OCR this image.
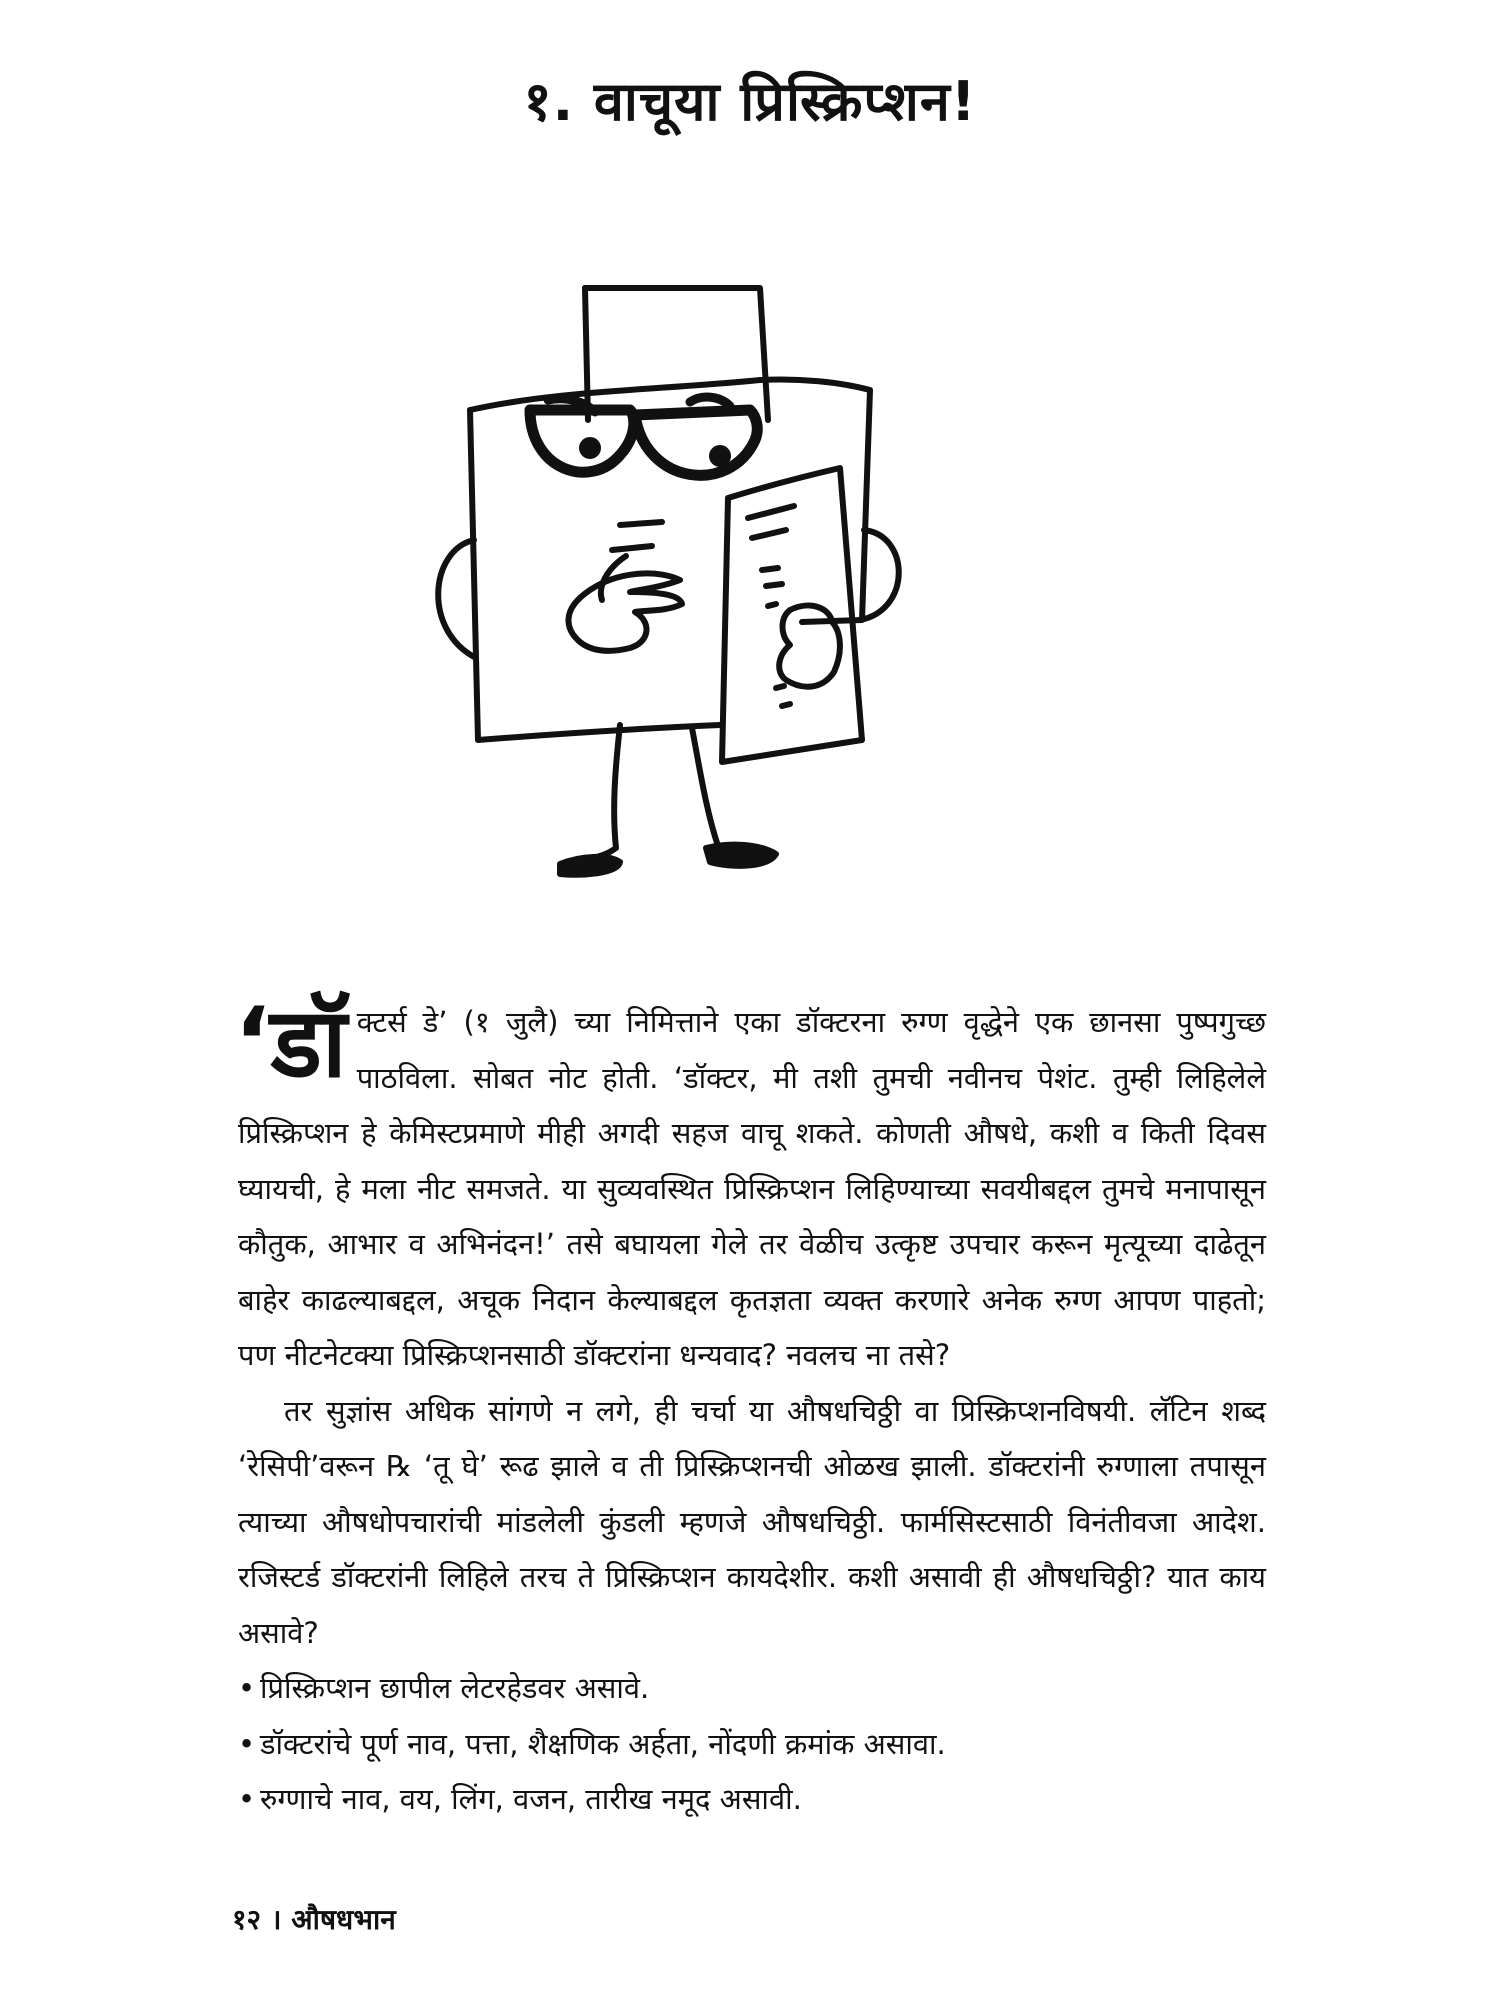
१. वाचूया प्रिस्क्रिप्शन!

‘डॉक्टर्स डे’ (१ जुलै) च्या निमित्ताने एका डॉक्टरना रुग्ण वृद्धेने एक छानसा पुष्पगुच्छ पाठविला. सोबत नोट होती. ‘डॉक्टर, मी तशी तुमची नवीनच पेशंट. तुम्ही लिहिलेले प्रिस्क्रिप्शन हे केमिस्टप्रमाणे मीही अगदी सहज वाचू शकते. कोणती औषधे, कशी व किती दिवस घ्यायची, हे मला नीट समजते. या सुव्यवस्थित प्रिस्क्रिप्शन लिहिण्याच्या सवयीबद्दल तुमचे मनापासून कौतुक, आभार व अभिनंदन!’ तसे बघायला गेले तर वेळीच उत्कृष्ट उपचार करून मृत्यूच्या दाढेतून बाहेर काढल्याबद्दल, अचूक निदान केल्याबद्दल कृतज्ञता व्यक्त करणारे अनेक रुग्ण आपण पाहतो; पण नीटनेटक्या प्रिस्क्रिप्शनसाठी डॉक्टरांना धन्यवाद? नवलच ना तसे?

तर सुज्ञांस अधिक सांगणे न लगे, ही चर्चा या औषधचिठ्ठी वा प्रिस्क्रिप्शनविषयी. लॅटिन शब्द ‘रेसिपी’वरून ℞ ‘तू घे’ रूढ झाले व ती प्रिस्क्रिप्शनची ओळख झाली. डॉक्टरांनी रुग्णाला तपासून त्याच्या औषधोपचारांची मांडलेली कुंडली म्हणजे औषधचिठ्ठी. फार्मसिस्टसाठी विनंतीवजा आदेश. रजिस्टर्ड डॉक्टरांनी लिहिले तरच ते प्रिस्क्रिप्शन कायदेशीर. कशी असावी ही औषधचिठ्ठी? यात काय असावे?

• प्रिस्क्रिप्शन छापील लेटरहेडवर असावे.
• डॉक्टरांचे पूर्ण नाव, पत्ता, शैक्षणिक अर्हता, नोंदणी क्रमांक असावा.
• रुग्णाचे नाव, वय, लिंग, वजन, तारीख नमूद असावी.
१२ । औषधभान
